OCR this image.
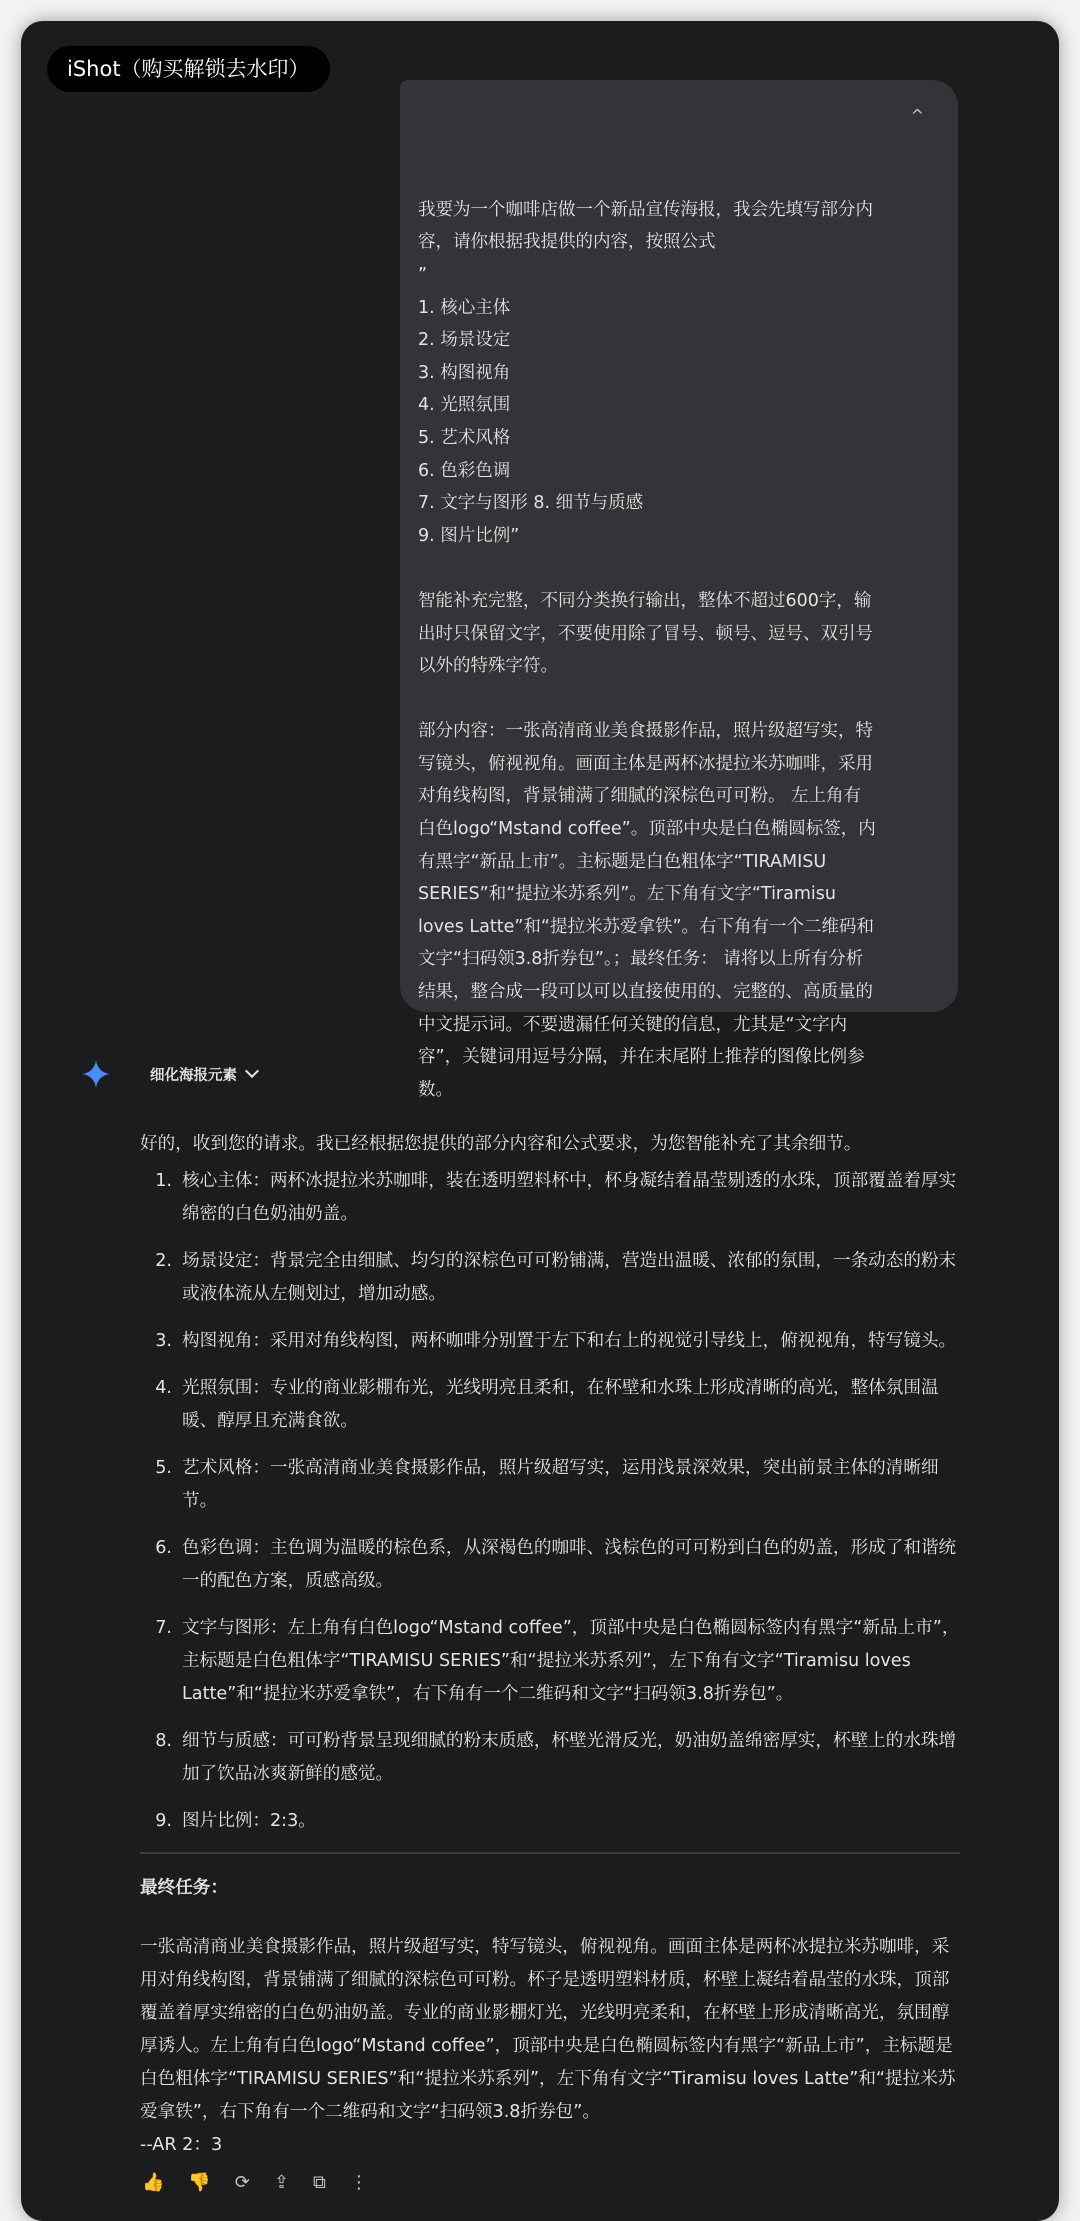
iShot（购买解锁去水印）

^

我要为一个咖啡店做一个新品宣传海报，我会先填写部分内容，请你根据我提供的内容，按照公式
”
1. 核心主体
2. 场景设定
3. 构图视角
4. 光照氛围
5. 艺术风格
6. 色彩色调
7. 文字与图形 8. 细节与质感
9. 图片比例”

智能补充完整，不同分类换行输出，整体不超过600字，输出时只保留文字，不要使用除了冒号、顿号、逗号、双引号以外的特殊字符。

部分内容：一张高清商业美食摄影作品，照片级超写实，特写镜头，俯视视角。画面主体是两杯冰提拉米苏咖啡，采用对角线构图，背景铺满了细腻的深棕色可可粉。 左上角有白色logo“Mstand coffee”。顶部中央是白色椭圆标签，内有黑字“新品上市”。主标题是白色粗体字“TIRAMISU SERIES”和“提拉米苏系列”。左下角有文字“Tiramisu loves Latte”和“提拉米苏爱拿铁”。右下角有一个二维码和文字“扫码领3.8折券包”。；最终任务： 请将以上所有分析结果，整合成一段可以可以直接使用的、完整的、高质量的中文提示词。不要遗漏任何关键的信息，尤其是“文字内容”，关键词用逗号分隔，并在末尾附上推荐的图像比例参数。

细化海报元素

好的，收到您的请求。我已经根据您提供的部分内容和公式要求，为您智能补充了其余细节。

1. 核心主体：两杯冰提拉米苏咖啡，装在透明塑料杯中，杯身凝结着晶莹剔透的水珠，顶部覆盖着厚实绵密的白色奶油奶盖。
2. 场景设定：背景完全由细腻、均匀的深棕色可可粉铺满，营造出温暖、浓郁的氛围，一条动态的粉末或液体流从左侧划过，增加动感。
3. 构图视角：采用对角线构图，两杯咖啡分别置于左下和右上的视觉引导线上，俯视视角，特写镜头。
4. 光照氛围：专业的商业影棚布光，光线明亮且柔和，在杯壁和水珠上形成清晰的高光，整体氛围温暖、醇厚且充满食欲。
5. 艺术风格：一张高清商业美食摄影作品，照片级超写实，运用浅景深效果，突出前景主体的清晰细节。
6. 色彩色调：主色调为温暖的棕色系，从深褐色的咖啡、浅棕色的可可粉到白色的奶盖，形成了和谐统一的配色方案，质感高级。
7. 文字与图形：左上角有白色logo“Mstand coffee”，顶部中央是白色椭圆标签内有黑字“新品上市”，主标题是白色粗体字“TIRAMISU SERIES”和“提拉米苏系列”，左下角有文字“Tiramisu loves Latte”和“提拉米苏爱拿铁”，右下角有一个二维码和文字“扫码领3.8折券包”。
8. 细节与质感：可可粉背景呈现细腻的粉末质感，杯壁光滑反光，奶油奶盖绵密厚实，杯壁上的水珠增加了饮品冰爽新鲜的感觉。
9. 图片比例：2:3。
最终任务：

一张高清商业美食摄影作品，照片级超写实，特写镜头，俯视视角。画面主体是两杯冰提拉米苏咖啡，采用对角线构图，背景铺满了细腻的深棕色可可粉。杯子是透明塑料材质，杯壁上凝结着晶莹的水珠，顶部覆盖着厚实绵密的白色奶油奶盖。专业的商业影棚灯光，光线明亮柔和，在杯壁上形成清晰高光，氛围醇厚诱人。左上角有白色logo“Mstand coffee”，顶部中央是白色椭圆标签内有黑字“新品上市”，主标题是白色粗体字“TIRAMISU SERIES”和“提拉米苏系列”，左下角有文字“Tiramisu loves Latte”和“提拉米苏爱拿铁”，右下角有一个二维码和文字“扫码领3.8折券包”。

--AR 2：3

👍 👎 ⟳ ⇪ ⧉ ⋮
